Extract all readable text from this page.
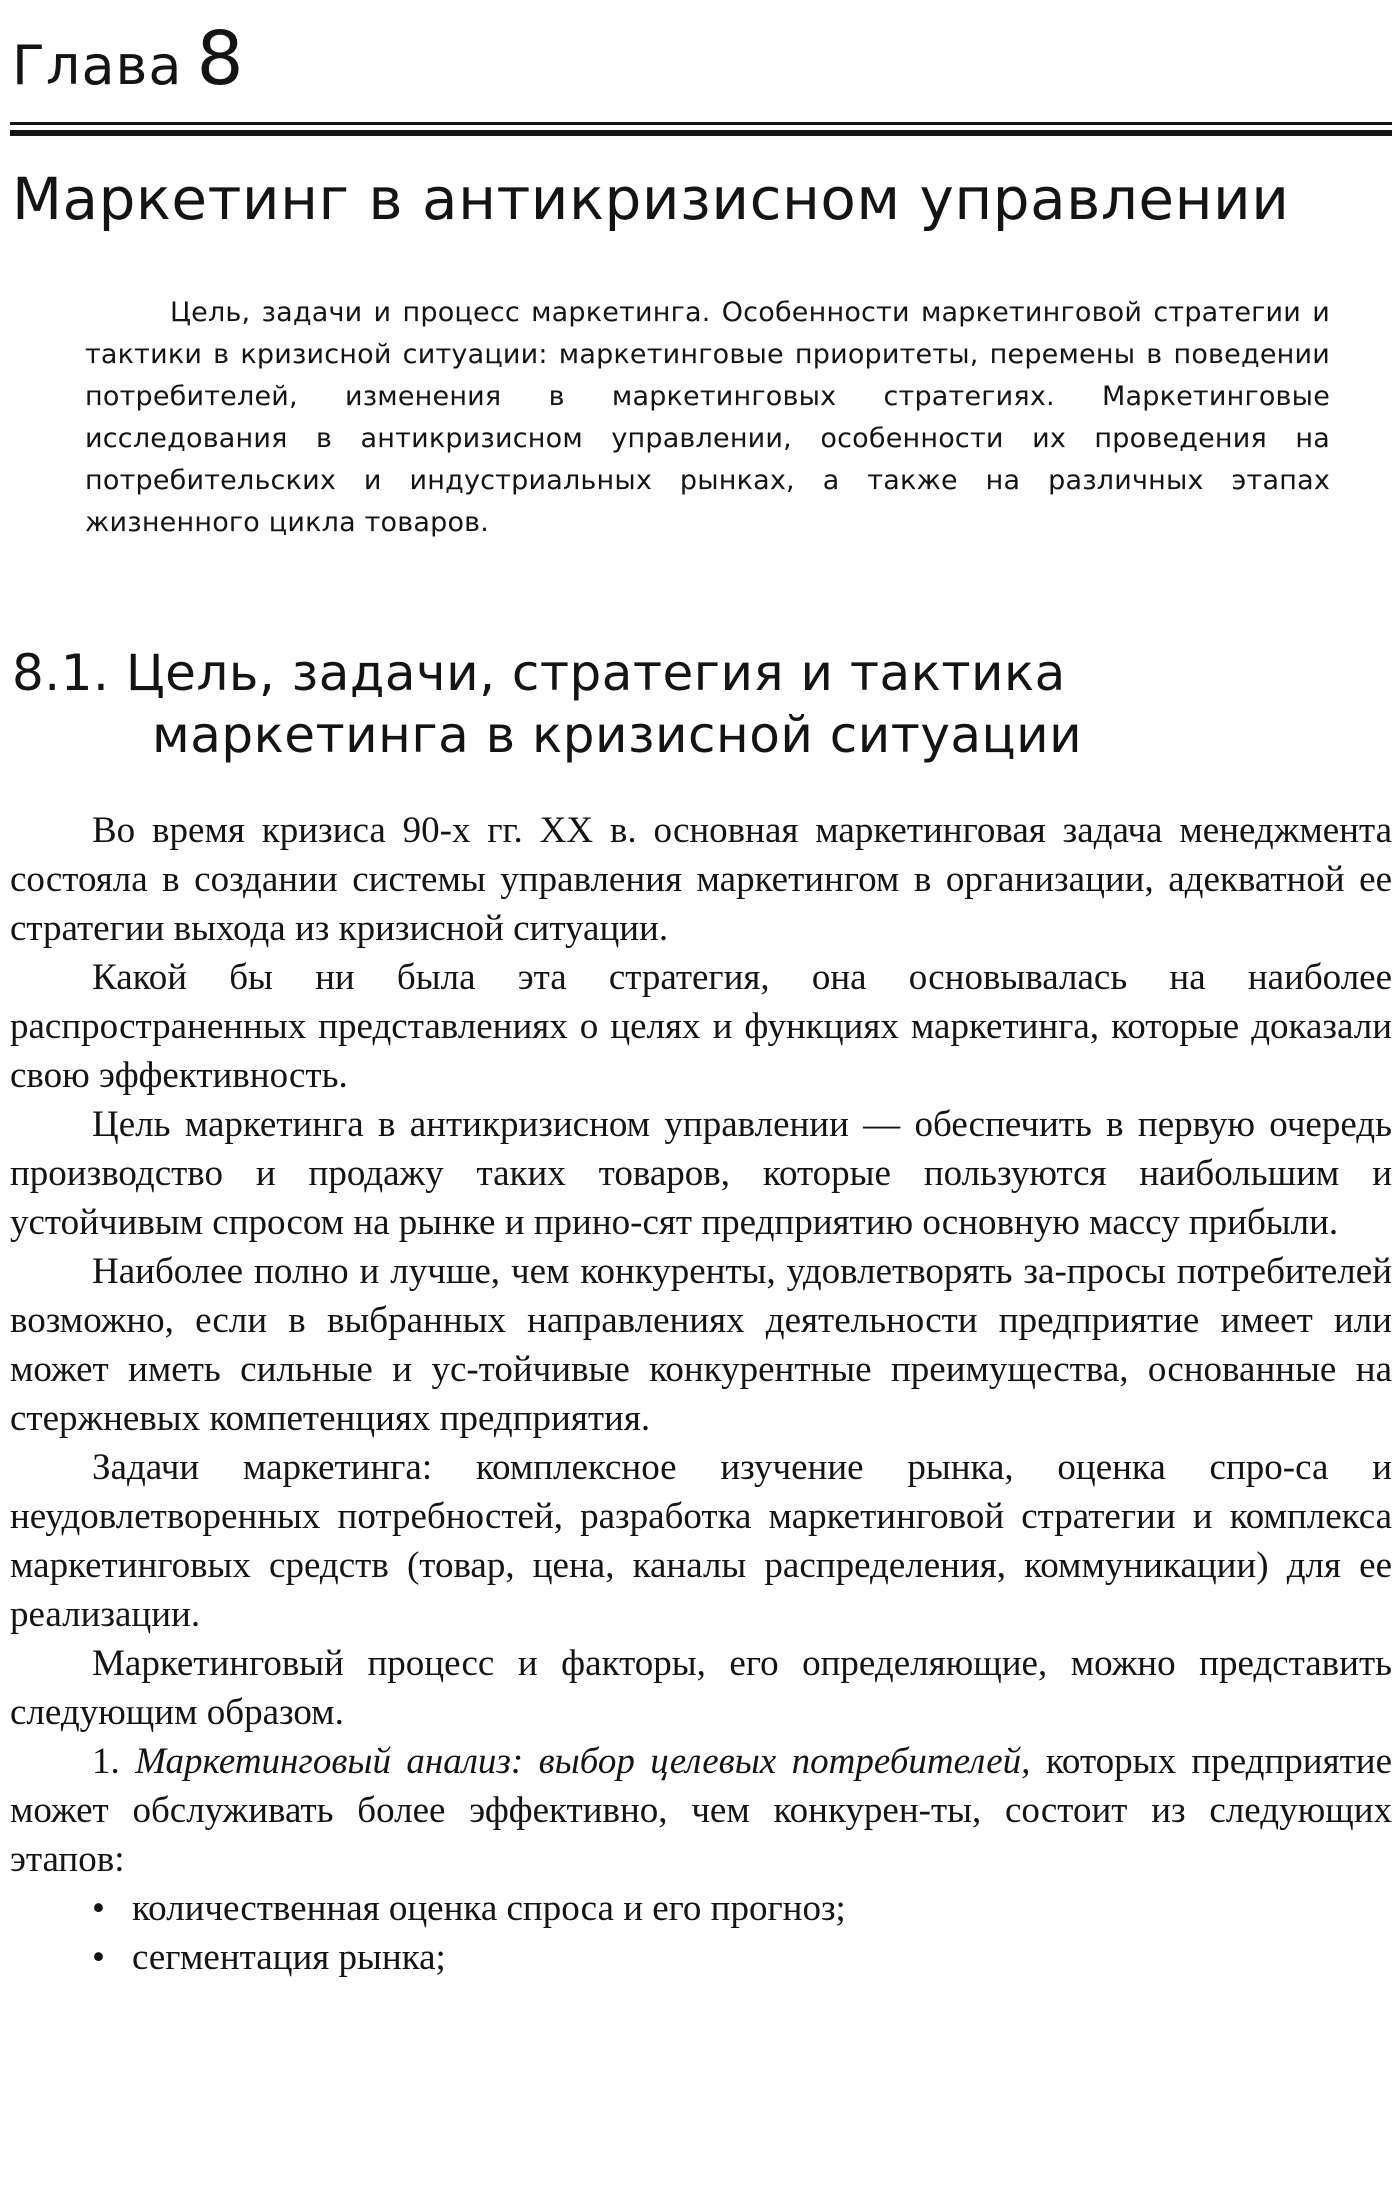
Глава 8
Маркетинг в антикризисном управлении

Цель, задачи и процесс маркетинга. Особенности маркетинговой стратегии и тактики в кризисной ситуации: маркетинговые приоритеты, перемены в поведении потребителей, изменения в маркетинговых стратегиях. Маркетинговые исследования в антикризисном управлении, особенности их проведения на потребительских и индустриальных рынках, а также на различных этапах жизненного цикла товаров.

8.1. Цель, задачи, стратегия и тактика
маркетинга в кризисной ситуации

Во время кризиса 90-х гг. XX в. основная маркетинговая задача менеджмента состояла в создании системы управления маркетингом в организации, адекватной ее стратегии выхода из кризисной ситуации.

Какой бы ни была эта стратегия, она основывалась на наиболее распространенных представлениях о целях и функциях маркетинга, которые доказали свою эффективность.

Цель маркетинга в антикризисном управлении — обеспечить в первую очередь производство и продажу таких товаров, которые пользуются наибольшим и устойчивым спросом на рынке и прино-сят предприятию основную массу прибыли.

Наиболее полно и лучше, чем конкуренты, удовлетворять за-просы потребителей возможно, если в выбранных направлениях деятельности предприятие имеет или может иметь сильные и ус-тойчивые конкурентные преимущества, основанные на стержневых компетенциях предприятия.

Задачи маркетинга: комплексное изучение рынка, оценка спро-са и неудовлетворенных потребностей, разработка маркетинговой стратегии и комплекса маркетинговых средств (товар, цена, каналы распределения, коммуникации) для ее реализации.

Маркетинговый процесс и факторы, его определяющие, можно представить следующим образом.

1. Маркетинговый анализ: выбор целевых потребителей, которых предприятие может обслуживать более эффективно, чем конкурен-ты, состоит из следующих этапов:

• количественная оценка спроса и его прогноз;
• сегментация рынка;
